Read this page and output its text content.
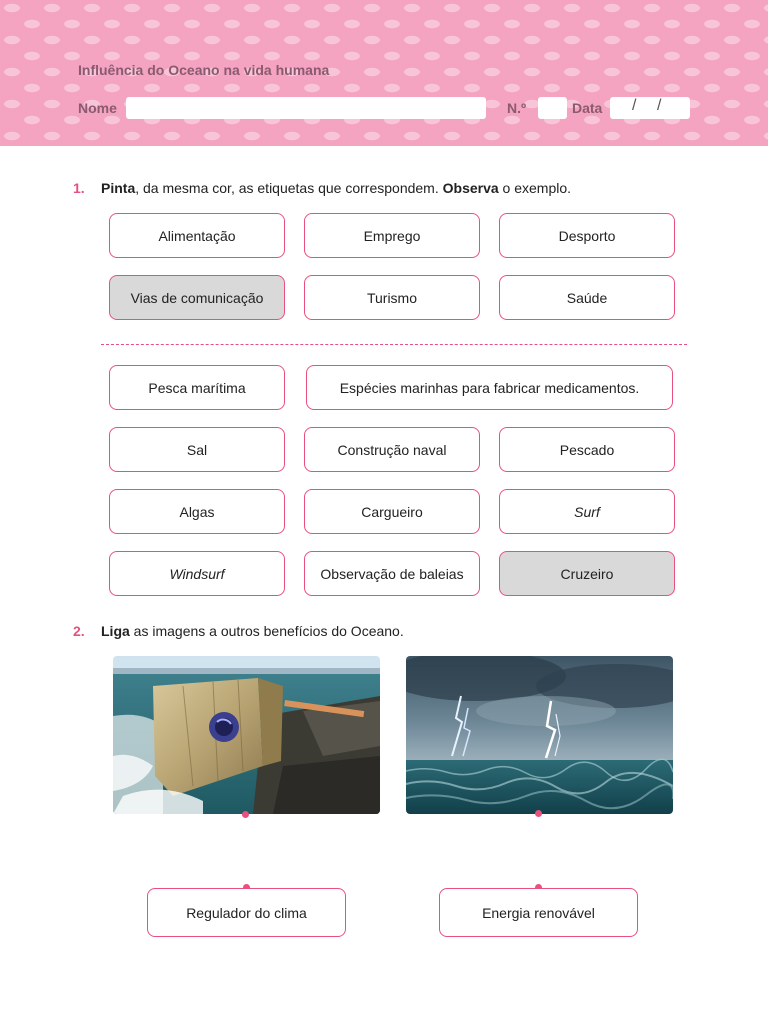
Influência do Oceano na vida humana
Nome	N.º	Data / /
1. Pinta, da mesma cor, as etiquetas que correspondem. Observa o exemplo.
Alimentação	Emprego	Desporto
Vias de comunicação	Turismo	Saúde
Pesca marítima	Espécies marinhas para fabricar medicamentos.
Sal	Construção naval	Pescado
Algas	Cargueiro	Surf
Windsurf	Observação de baleias	Cruzeiro
2. Liga as imagens a outros benefícios do Oceano.
Regulador do clima	Energia renovável
